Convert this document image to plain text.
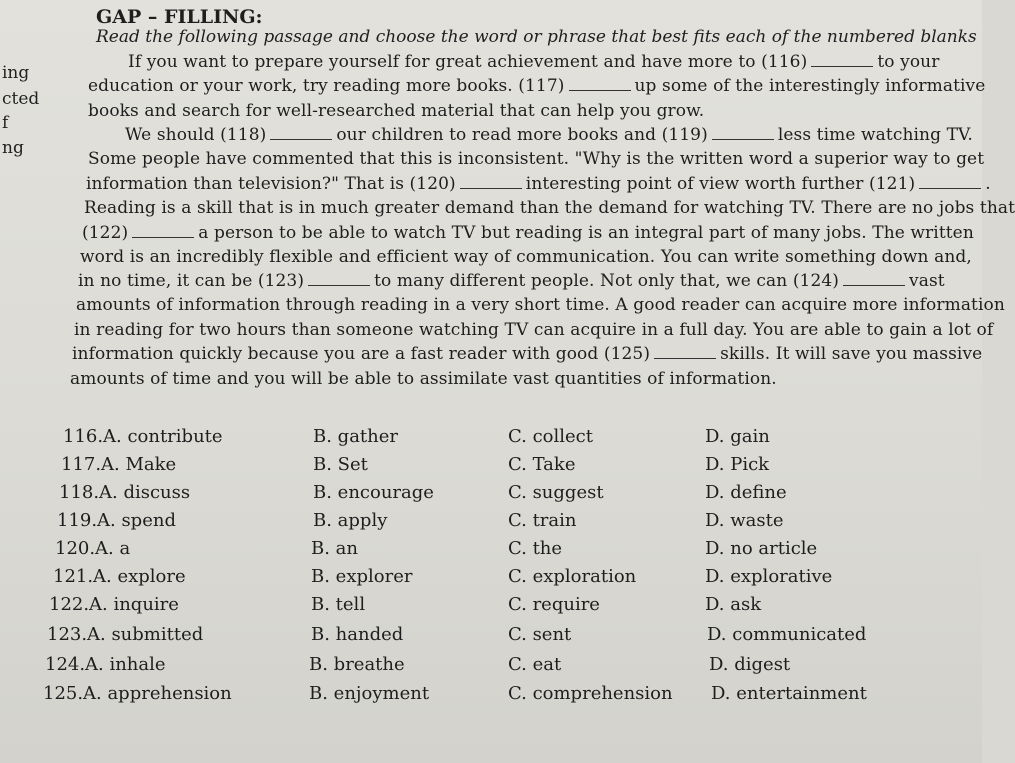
ing
cted
f
ng
GAP – FILLING:
Read the following passage and choose the word or phrase that best fits each of the numbered blanks
If you want to prepare yourself for great achievement and have more to (116)	to your
education or your work, try reading more books. (117)	up some of the interestingly informative
books and search for well-researched material that can help you grow.
We should (118)	our children to read more books and (119)	less time watching TV.
Some people have commented that this is inconsistent. "Why is the written word a superior way to get
information than television?" That is (120)	interesting point of view worth further (121)	.
Reading is a skill that is in much greater demand than the demand for watching TV. There are no jobs that
(122)	a person to be able to watch TV but reading is an integral part of many jobs. The written
word is an incredibly flexible and efficient way of communication. You can write something down and,
in no time, it can be (123)	to many different people. Not only that, we can (124)	vast
amounts of information through reading in a very short time. A good reader can acquire more information
in reading for two hours than someone watching TV can acquire in a full day. You are able to gain a lot of
information quickly because you are a fast reader with good (125)	skills. It will save you massive
amounts of time and you will be able to assimilate vast quantities of information.
116. A. contribute	B. gather	C. collect	D. gain
117. A. Make	B. Set	C. Take	D. Pick
118. A. discuss	B. encourage	C. suggest	D. define
119. A. spend	B. apply	C. train	D. waste
120. A. a	B. an	C. the	D. no article
121. A. explore	B. explorer	C. exploration	D. explorative
122. A. inquire	B. tell	C. require	D. ask
123. A. submitted	B. handed	C. sent	D. communicated
124. A. inhale	B. breathe	C. eat	D. digest
125. A. apprehension	B. enjoyment	C. comprehension D. entertainment
